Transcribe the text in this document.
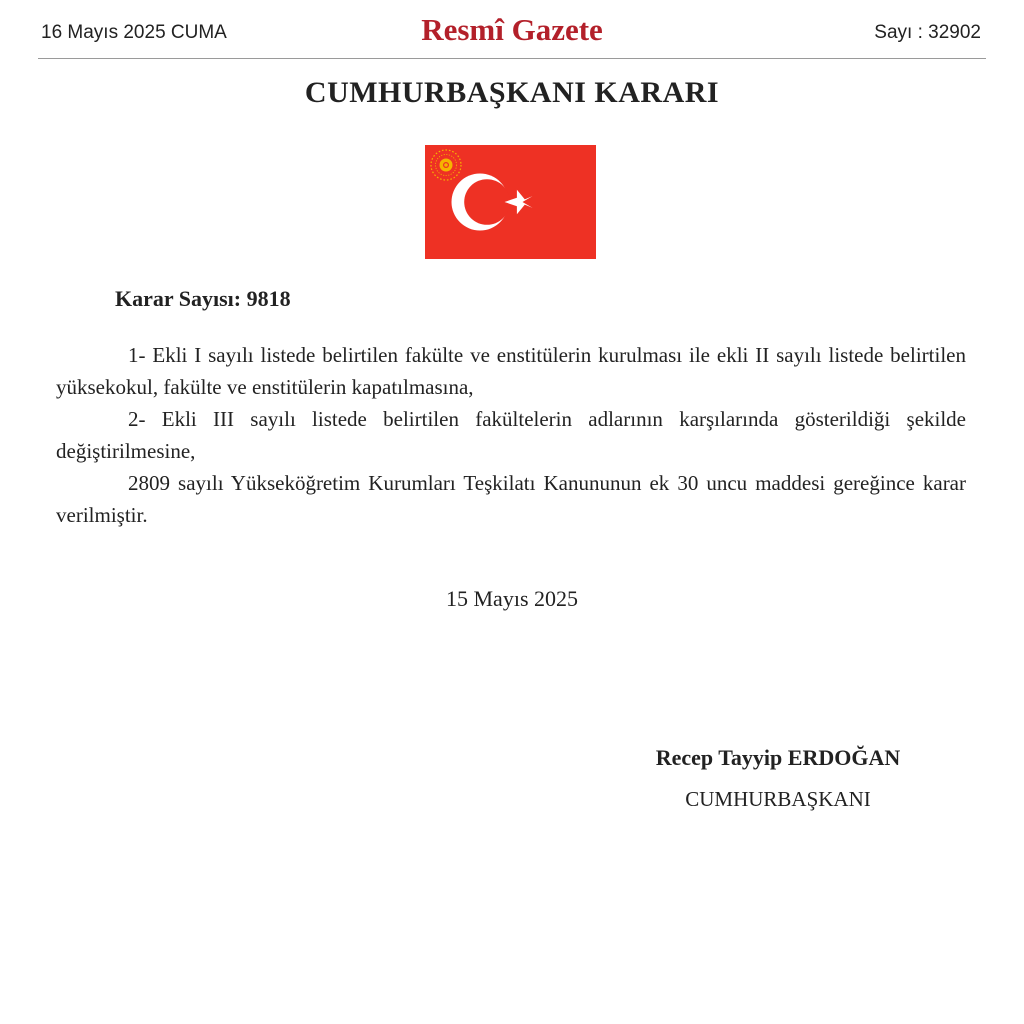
16 Mayıs 2025 CUMA	Resmî Gazete	Sayı : 32902
CUMHURBAŞKANI KARARI
Karar Sayısı: 9818

1- Ekli I sayılı listede belirtilen fakülte ve enstitülerin kurulması ile ekli II sayılı listede belirtilen yüksekokul, fakülte ve enstitülerin kapatılmasına,

2- Ekli III sayılı listede belirtilen fakültelerin adlarının karşılarında gösterildiği şekilde değiştirilmesine,

2809 sayılı Yükseköğretim Kurumları Teşkilatı Kanununun ek 30 uncu maddesi gereğince karar verilmiştir.

15 Mayıs 2025
Recep Tayyip ERDOĞAN
CUMHURBAŞKANI
